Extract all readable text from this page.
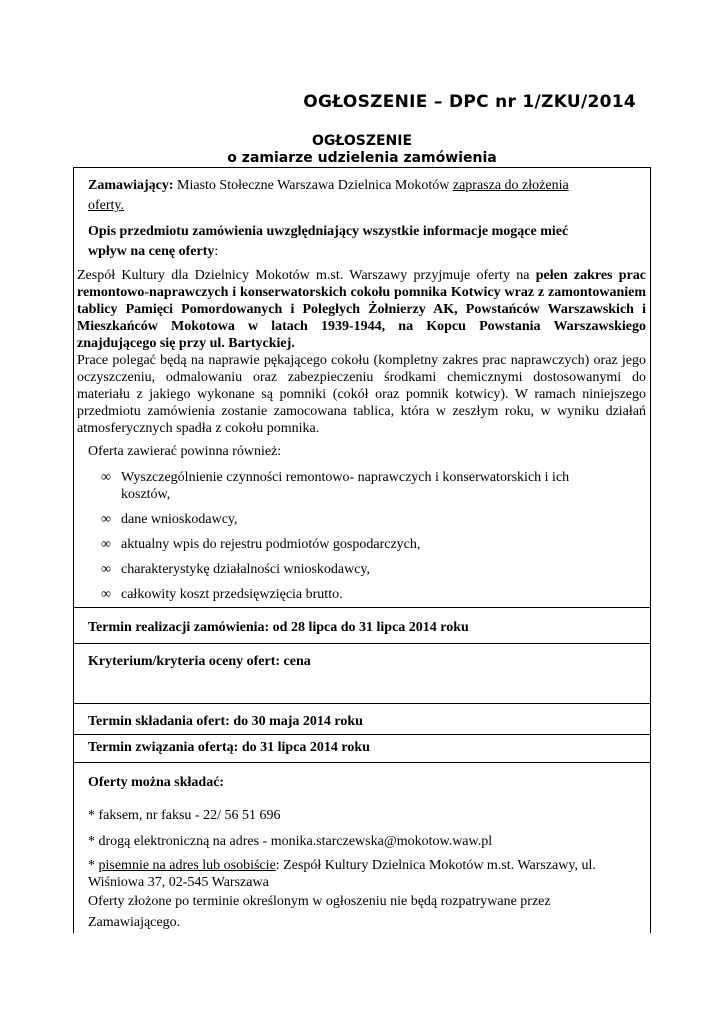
OGŁOSZENIE – DPC nr 1/ZKU/2014
OGŁOSZENIE
o zamiarze udzielenia zamówienia
Zamawiający: Miasto Stołeczne Warszawa Dzielnica Mokotów zaprasza do złożenia
oferty.
Opis przedmiotu zamówienia uwzględniający wszystkie informacje mogące mieć
wpływ na cenę oferty:
Zespół Kultury dla Dzielnicy Mokotów m.st. Warszawy przyjmuje oferty na pełen zakres prac remontowo-naprawczych i konserwatorskich cokołu pomnika Kotwicy wraz z zamontowaniem tablicy Pamięci Pomordowanych i Poległych Żołnierzy AK, Powstańców Warszawskich i Mieszkańców Mokotowa w latach 1939-1944, na Kopcu Powstania Warszawskiego znajdującego się przy ul. Bartyckiej.
Prace polegać będą na naprawie pękającego cokołu (kompletny zakres prac naprawczych) oraz jego oczyszczeniu, odmalowaniu oraz zabezpieczeniu środkami chemicznymi dostosowanymi do materiału z jakiego wykonane są pomniki (cokół oraz pomnik kotwicy). W ramach niniejszego przedmiotu zamówienia zostanie zamocowana tablica, która w zeszłym roku, w wyniku działań atmosferycznych spadła z cokołu pomnika.
Oferta zawierać powinna również:
∞ Wyszczególnienie czynności remontowo- naprawczych i konserwatorskich i ich kosztów,
∞ dane wnioskodawcy,
∞ aktualny wpis do rejestru podmiotów gospodarczych,
∞ charakterystykę działalności wnioskodawcy,
∞ całkowity koszt przedsięwzięcia brutto.
Termin realizacji zamówienia: od 28 lipca do 31 lipca 2014 roku
Kryterium/kryteria oceny ofert: cena
Termin składania ofert: do 30 maja 2014 roku
Termin związania ofertą: do 31 lipca 2014 roku
Oferty można składać:
* faksem, nr faksu - 22/ 56 51 696
* drogą elektroniczną na adres - monika.starczewska@mokotow.waw.pl
* pisemnie na adres lub osobiście: Zespół Kultury Dzielnica Mokotów m.st. Warszawy, ul.
Wiśniowa 37, 02-545 Warszawa
Oferty złożone po terminie określonym w ogłoszeniu nie będą rozpatrywane przez
Zamawiającego.
